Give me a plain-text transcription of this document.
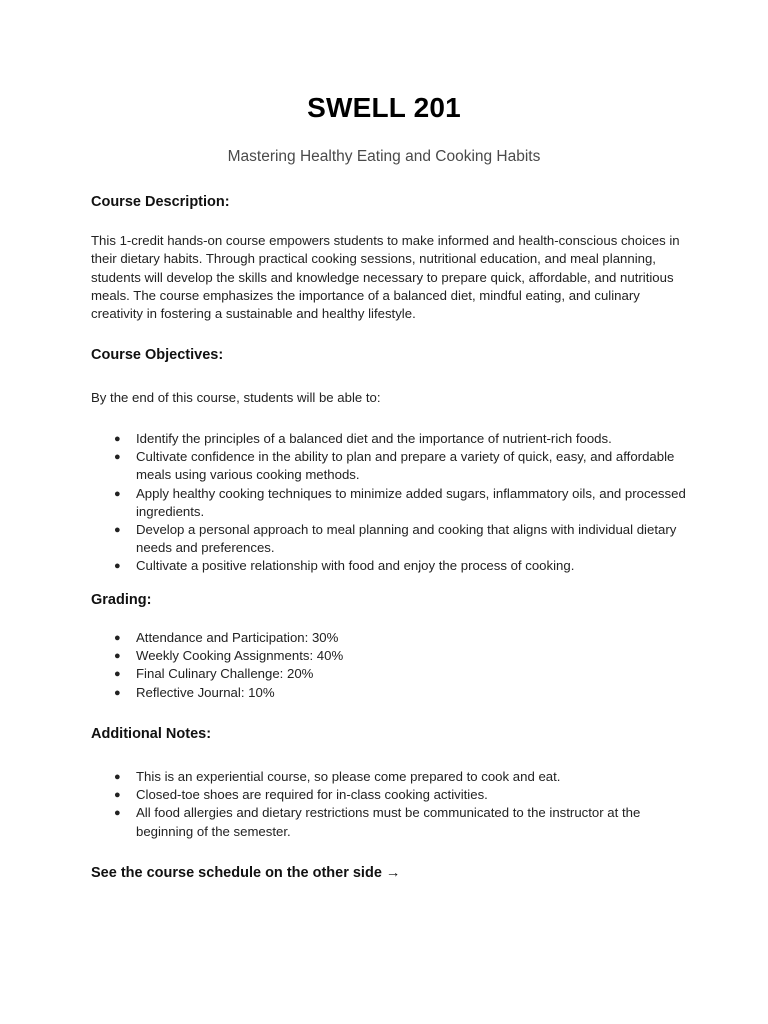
SWELL 201
Mastering Healthy Eating and Cooking Habits
Course Description:
This 1-credit hands-on course empowers students to make informed and health-conscious choices in their dietary habits. Through practical cooking sessions, nutritional education, and meal planning, students will develop the skills and knowledge necessary to prepare quick, affordable, and nutritious meals. The course emphasizes the importance of a balanced diet, mindful eating, and culinary creativity in fostering a sustainable and healthy lifestyle.
Course Objectives:
By the end of this course, students will be able to:
● Identify the principles of a balanced diet and the importance of nutrient-rich foods.
● Cultivate confidence in the ability to plan and prepare a variety of quick, easy, and affordable meals using various cooking methods.
● Apply healthy cooking techniques to minimize added sugars, inflammatory oils, and processed ingredients.
● Develop a personal approach to meal planning and cooking that aligns with individual dietary needs and preferences.
● Cultivate a positive relationship with food and enjoy the process of cooking.
Grading:
● Attendance and Participation: 30%
● Weekly Cooking Assignments: 40%
● Final Culinary Challenge: 20%
● Reflective Journal: 10%
Additional Notes:
● This is an experiential course, so please come prepared to cook and eat.
● Closed-toe shoes are required for in-class cooking activities.
● All food allergies and dietary restrictions must be communicated to the instructor at the beginning of the semester.
See the course schedule on the other side →
